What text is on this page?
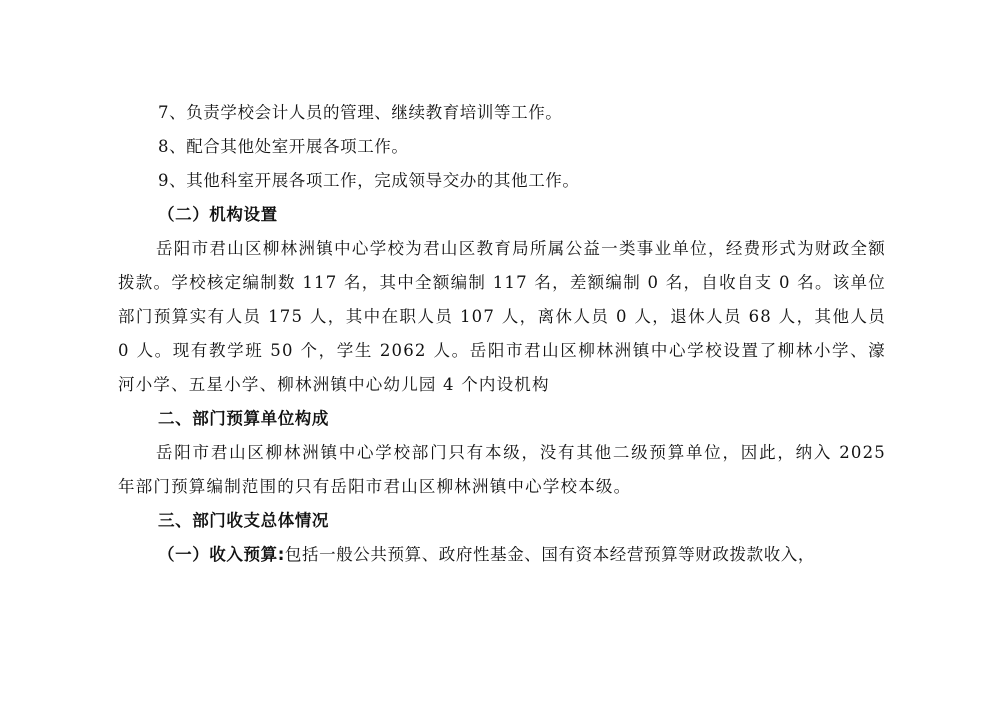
7、负责学校会计人员的管理、继续教育培训等工作。
8、配合其他处室开展各项工作。
9、其他科室开展各项工作，完成领导交办的其他工作。
（二）机构设置
岳阳市君山区柳林洲镇中心学校为君山区教育局所属公益一类事业单位，经费形式为财政全额拨款。学校核定编制数 117 名，其中全额编制 117 名，差额编制 0 名，自收自支 0 名。该单位部门预算实有人员 175 人，其中在职人员 107 人，离休人员 0 人，退休人员 68 人，其他人员 0 人。现有教学班 50 个，学生 2062 人。岳阳市君山区柳林洲镇中心学校设置了柳林小学、濠河小学、五星小学、柳林洲镇中心幼儿园 4 个内设机构
二、部门预算单位构成
岳阳市君山区柳林洲镇中心学校部门只有本级，没有其他二级预算单位，因此，纳入 2025 年部门预算编制范围的只有岳阳市君山区柳林洲镇中心学校本级。
三、部门收支总体情况
（一）收入预算:包括一般公共预算、政府性基金、国有资本经营预算等财政拨款收入，
